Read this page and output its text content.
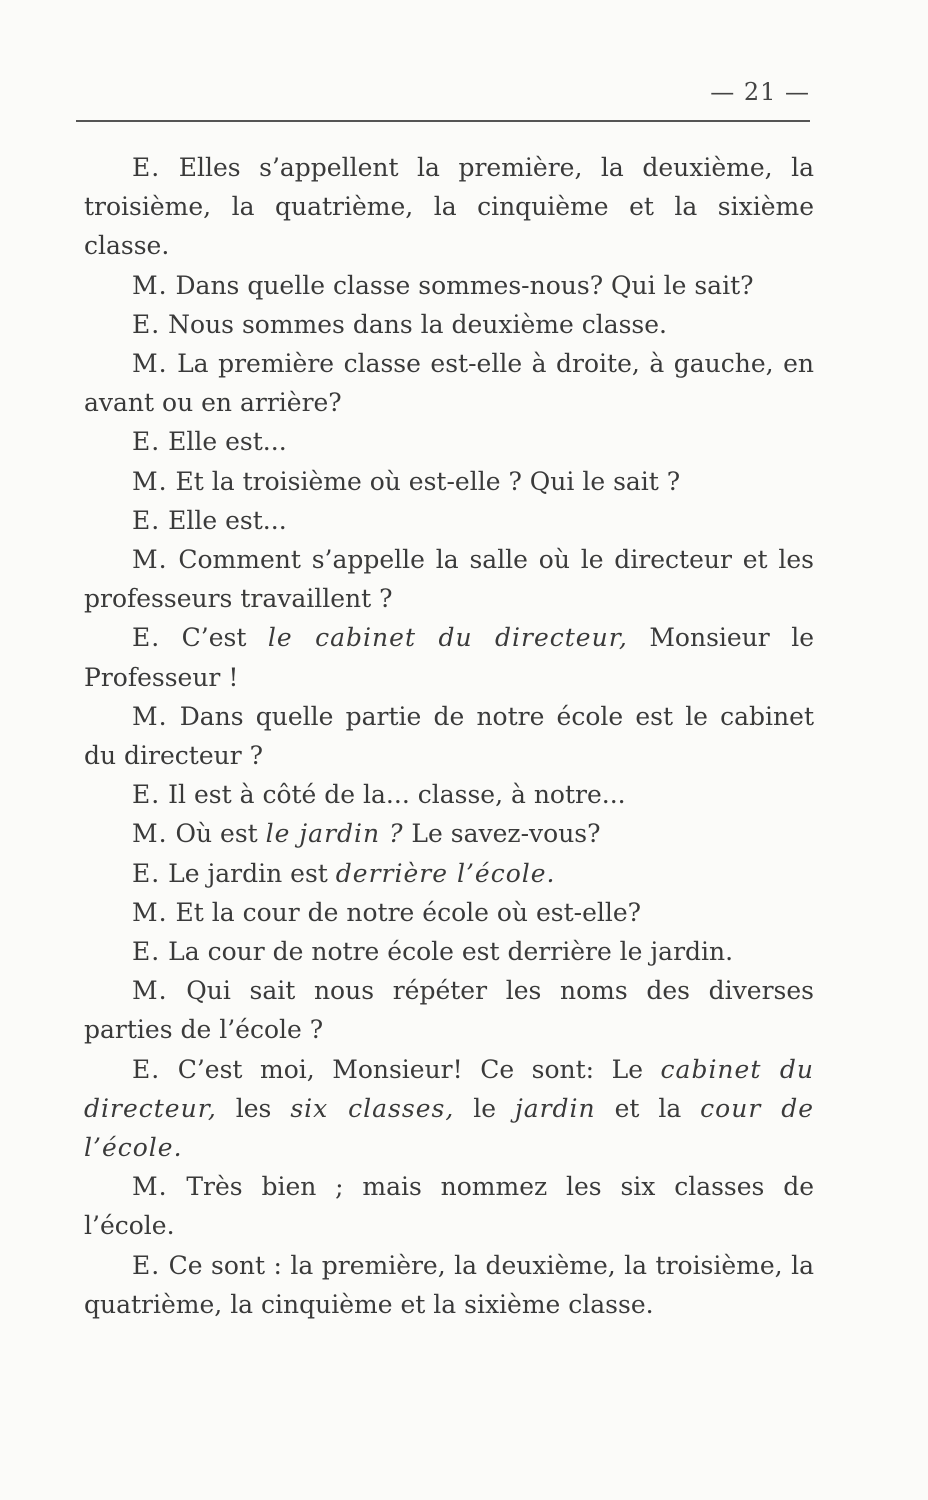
— 21 —

E. Elles s’appellent la première, la deuxième, la troisième, la quatrième, la cinquième et la sixième classe.

M. Dans quelle classe sommes-nous? Qui le sait?

E. Nous sommes dans la deuxième classe.

M. La première classe est-elle à droite, à gauche, en avant ou en arrière?

E. Elle est...

M. Et la troisième où est-elle ? Qui le sait ?

E. Elle est...

M. Comment s’appelle la salle où le directeur et les professeurs travaillent ?

E. C’est le cabinet du directeur, Monsieur le Professeur !

M. Dans quelle partie de notre école est le cabinet du directeur ?

E. Il est à côté de la... classe, à notre...

M. Où est le jardin ? Le savez-vous?

E. Le jardin est derrière l’école.

M. Et la cour de notre école où est-elle?

E. La cour de notre école est derrière le jardin.

M. Qui sait nous répéter les noms des diverses parties de l’école ?

E. C’est moi, Monsieur! Ce sont: Le cabinet du directeur, les six classes, le jardin et la cour de l’école.

M. Très bien ; mais nommez les six classes de l’école.

E. Ce sont : la première, la deuxième, la troisième, la quatrième, la cinquième et la sixième classe.
